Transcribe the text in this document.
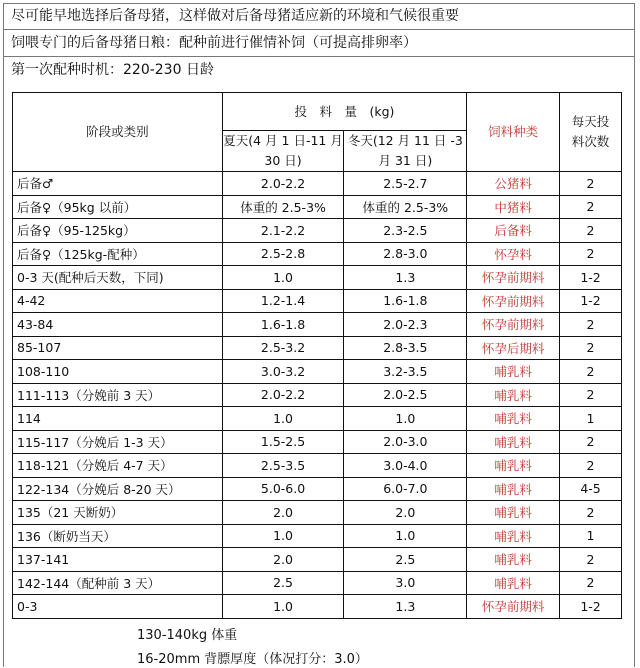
尽可能早地选择后备母猪，这样做对后备母猪适应新的环境和气候很重要
饲喂专门的后备母猪日粮：配种前进行催情补饲（可提高排卵率）
第一次配种时机：220-230 日龄
阶段或类别	投　料　量　(kg)		饲料种类	每天投料次数
	夏天(4 月 1 日-11 月 30 日)	冬天(12 月 11 日 -3 月 31 日)		
后备♂	2.0-2.2	2.5-2.7	公猪料	2
后备♀（95kg 以前）	体重的 2.5-3%	体重的 2.5-3%	中猪料	2
后备♀（95-125kg）	2.1-2.2	2.3-2.5	后备料	2
后备♀（125kg-配种）	2.5-2.8	2.8-3.0	怀孕料	2
0-3 天(配种后天数，下同)	1.0	1.3	怀孕前期料	1-2
4-42	1.2-1.4	1.6-1.8	怀孕前期料	1-2
43-84	1.6-1.8	2.0-2.3	怀孕前期料	2
85-107	2.5-3.2	2.8-3.5	怀孕后期料	2
108-110	3.0-3.2	3.2-3.5	哺乳料	2
111-113（分娩前 3 天）	2.0-2.2	2.0-2.5	哺乳料	2
114	1.0	1.0	哺乳料	1
115-117（分娩后 1-3 天）	1.5-2.5	2.0-3.0	哺乳料	2
118-121（分娩后 4-7 天）	2.5-3.5	3.0-4.0	哺乳料	2
122-134（分娩后 8-20 天）	5.0-6.0	6.0-7.0	哺乳料	4-5
135（21 天断奶）	2.0	2.0	哺乳料	2
136（断奶当天）	1.0	1.0	哺乳料	1
137-141	2.0	2.5	哺乳料	2
142-144（配种前 3 天）	2.5	3.0	哺乳料	2
0-3	1.0	1.3	怀孕前期料	1-2
130-140kg 体重
16-20mm 背膘厚度（体况打分：3.0）
